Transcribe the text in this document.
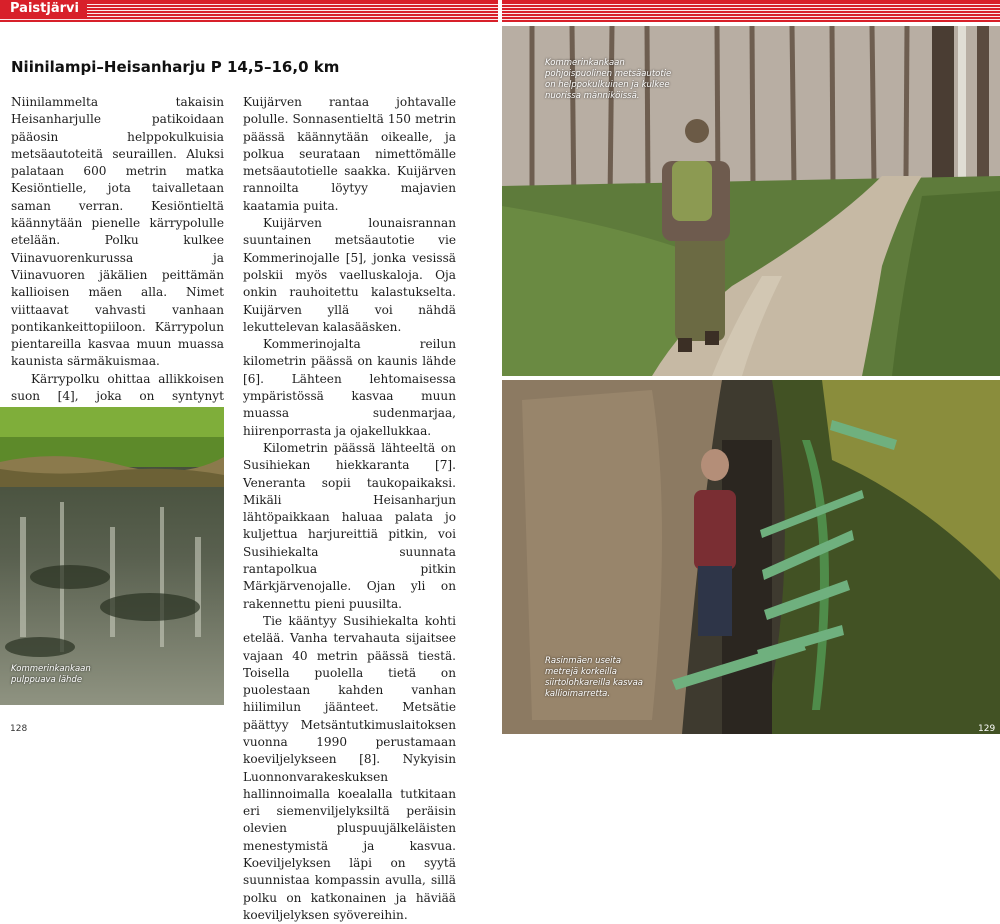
Paistjärvi
Niinilampi–Heisanharju P 14,5–16,0 km

Niinilammelta takaisin Heisanharjulle patikoidaan pääosin helppokulkuisia metsäautoteitä seuraillen. Aluksi palataan 600 metrin matka Kesiöntielle, jota taivalletaan saman verran. Kesiöntieltä käännytään pienelle kärrypolulle etelään. Polku kulkee Viinavuorenkurussa ja Viinavuoren jäkälien peittämän kallioisen mäen alla. Nimet viittaavat vahvasti vanhaan pontikankeittopiiloon. Kärrypolun pientareilla kasvaa muun muassa kaunista särmäkuismaa.

Kärrypolku ohittaa allikkoisen suon [4], joka on syntynyt

Kuijärven rantaa johtavalle polulle. Sonnasentieltä 150 metrin päässä käännytään oikealle, ja polkua seurataan nimettömälle metsäautotielle saakka. Kuijärven rannoilta löytyy majavien kaatamia puita.

Kuijärven lounaisrannan suuntainen metsäautotie vie Kommerinojalle [5], jonka vesissä polskii myös vaelluskaloja. Oja onkin rauhoitettu kalastukselta. Kuijärven yllä voi nähdä lekuttelevan kalasääsken.

Kommerinojalta reilun kilometrin päässä on kaunis lähde [6]. Lähteen lehtomaisessa ympäristössä kasvaa muun muassa sudenmarjaa, hiirenporrasta ja ojakellukkaa.

Kilometrin päässä lähteeltä on Susihiekan hiekkaranta [7]. Veneranta sopii taukopaikaksi. Mikäli Heisanharjun lähtöpaikkaan haluaa palata jo kuljettua harjureittiä pitkin, voi Susihiekalta suunnata rantapolkua pitkin Märkjärvenojalle. Ojan yli on rakennettu pieni puusilta.

Tie kääntyy Susihiekalta kohti etelää. Vanha tervahauta sijaitsee vajaan 40 metrin päässä tiestä. Toisella puolella tietä on puolestaan kahden vanhan hiilimilun jäänteet. Metsätie päättyy Metsäntutkimuslaitoksen vuonna 1990 perustamaan koeviljelykseen [8]. Nykyisin Luonnonvarakeskuksen hallinnoimalla koealalla tutkitaan eri siemenviljelyksiltä peräisin olevien pluspuujälkeläisten menestymistä ja kasvua. Koeviljelyksen läpi on syytä suunnistaa kompassin avulla, sillä polku on katkonainen ja häviää koeviljelyksen syövereihin.

Kommerinkankaan
pulppuava lähde
Kommerinkankaan
pohjoispuolinen metsäautotie
on helppokulkuinen ja kulkee
nuorissa männiköissä.
Rasinmäen useita
metrejä korkeilla
siirtolohkareilla kasvaa
kallioimarretta.
128	129
